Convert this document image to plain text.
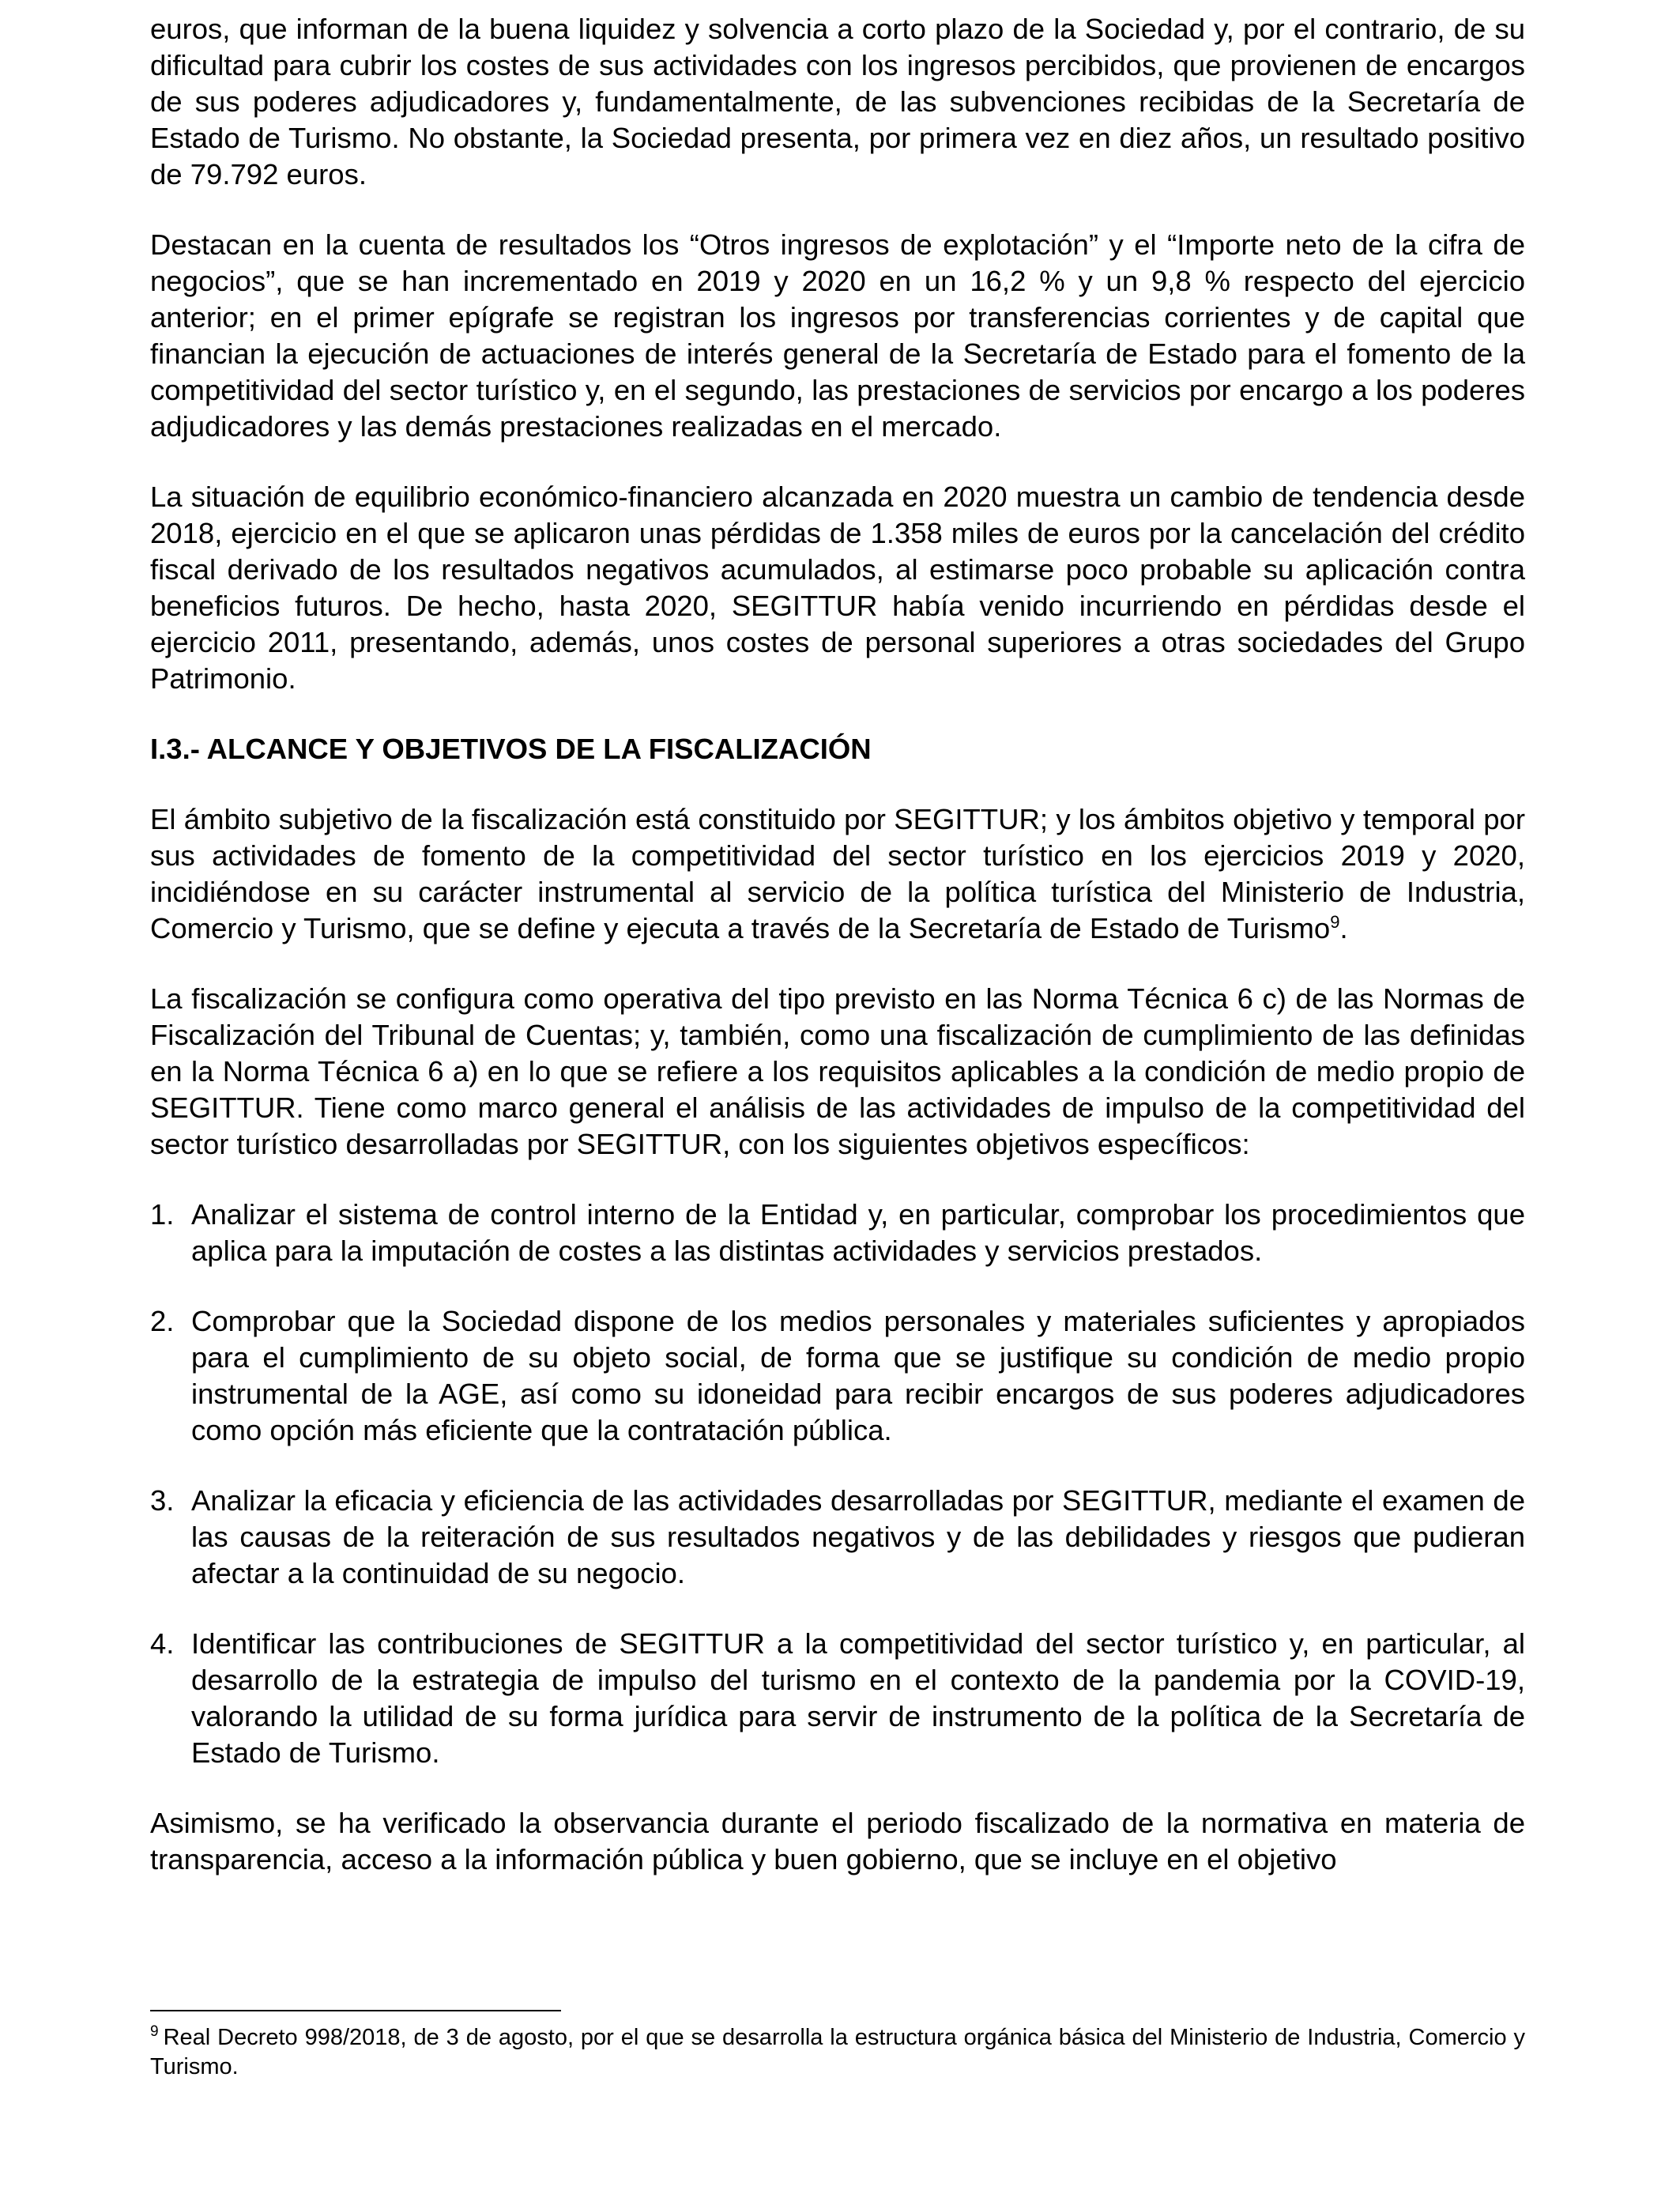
euros, que informan de la buena liquidez y solvencia a corto plazo de la Sociedad y, por el contrario, de su dificultad para cubrir los costes de sus actividades con los ingresos percibidos, que provienen de encargos de sus poderes adjudicadores y, fundamentalmente, de las subvenciones recibidas de la Secretaría de Estado de Turismo. No obstante, la Sociedad presenta, por primera vez en diez años, un resultado positivo de 79.792 euros.

Destacan en la cuenta de resultados los “Otros ingresos de explotación” y el “Importe neto de la cifra de negocios”, que se han incrementado en 2019 y 2020 en un 16,2 % y un 9,8 % respecto del ejercicio anterior; en el primer epígrafe se registran los ingresos por transferencias corrientes y de capital que financian la ejecución de actuaciones de interés general de la Secretaría de Estado para el fomento de la competitividad del sector turístico y, en el segundo, las prestaciones de servicios por encargo a los poderes adjudicadores y las demás prestaciones realizadas en el mercado.

La situación de equilibrio económico-financiero alcanzada en 2020 muestra un cambio de tendencia desde 2018, ejercicio en el que se aplicaron unas pérdidas de 1.358 miles de euros por la cancelación del crédito fiscal derivado de los resultados negativos acumulados, al estimarse poco probable su aplicación contra beneficios futuros. De hecho, hasta 2020, SEGITTUR había venido incurriendo en pérdidas desde el ejercicio 2011, presentando, además, unos costes de personal superiores a otras sociedades del Grupo Patrimonio.

I.3.- ALCANCE Y OBJETIVOS DE LA FISCALIZACIÓN

El ámbito subjetivo de la fiscalización está constituido por SEGITTUR; y los ámbitos objetivo y temporal por sus actividades de fomento de la competitividad del sector turístico en los ejercicios 2019 y 2020, incidiéndose en su carácter instrumental al servicio de la política turística del Ministerio de Industria, Comercio y Turismo, que se define y ejecuta a través de la Secretaría de Estado de Turismo$^9$.

La fiscalización se configura como operativa del tipo previsto en las Norma Técnica 6 c) de las Normas de Fiscalización del Tribunal de Cuentas; y, también, como una fiscalización de cumplimiento de las definidas en la Norma Técnica 6 a) en lo que se refiere a los requisitos aplicables a la condición de medio propio de SEGITTUR. Tiene como marco general el análisis de las actividades de impulso de la competitividad del sector turístico desarrolladas por SEGITTUR, con los siguientes objetivos específicos:

1. Analizar el sistema de control interno de la Entidad y, en particular, comprobar los procedimientos que aplica para la imputación de costes a las distintas actividades y servicios prestados.
2. Comprobar que la Sociedad dispone de los medios personales y materiales suficientes y apropiados para el cumplimiento de su objeto social, de forma que se justifique su condición de medio propio instrumental de la AGE, así como su idoneidad para recibir encargos de sus poderes adjudicadores como opción más eficiente que la contratación pública.
3. Analizar la eficacia y eficiencia de las actividades desarrolladas por SEGITTUR, mediante el examen de las causas de la reiteración de sus resultados negativos y de las debilidades y riesgos que pudieran afectar a la continuidad de su negocio.
4. Identificar las contribuciones de SEGITTUR a la competitividad del sector turístico y, en particular, al desarrollo de la estrategia de impulso del turismo en el contexto de la pandemia por la COVID-19, valorando la utilidad de su forma jurídica para servir de instrumento de la política de la Secretaría de Estado de Turismo.

Asimismo, se ha verificado la observancia durante el periodo fiscalizado de la normativa en materia de transparencia, acceso a la información pública y buen gobierno, que se incluye en el objetivo

$^9$ Real Decreto 998/2018, de 3 de agosto, por el que se desarrolla la estructura orgánica básica del Ministerio de Industria, Comercio y Turismo.
